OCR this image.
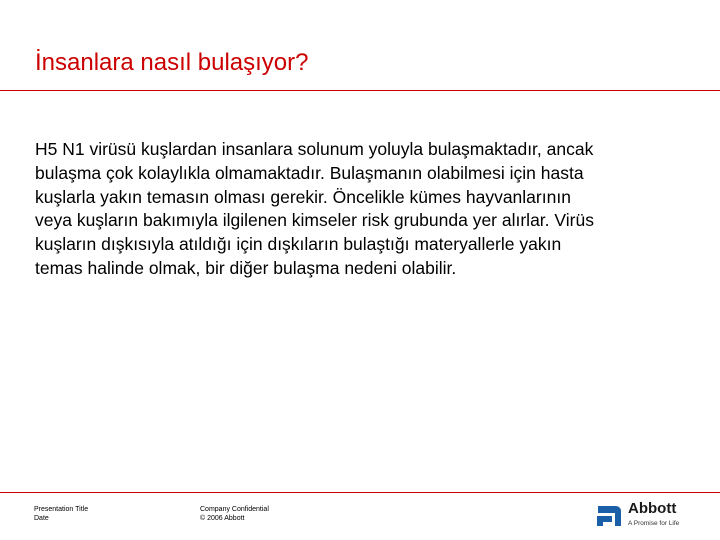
İnsanlara nasıl bulaşıyor?
H5 N1 virüsü kuşlardan insanlara solunum yoluyla bulaşmaktadır, ancak
bulaşma çok kolaylıkla olmamaktadır. Bulaşmanın olabilmesi için hasta
kuşlarla yakın temasın olması gerekir. Öncelikle kümes hayvanlarının
veya kuşların bakımıyla ilgilenen kimseler risk grubunda yer alırlar. Virüs
kuşların dışkısıyla atıldığı için dışkıların bulaştığı materyallerle yakın
temas halinde olmak, bir diğer bulaşma nedeni olabilir.
Presentation Title
Date
Company Confidential
© 2006 Abbott
Abbott
A Promise for Life
